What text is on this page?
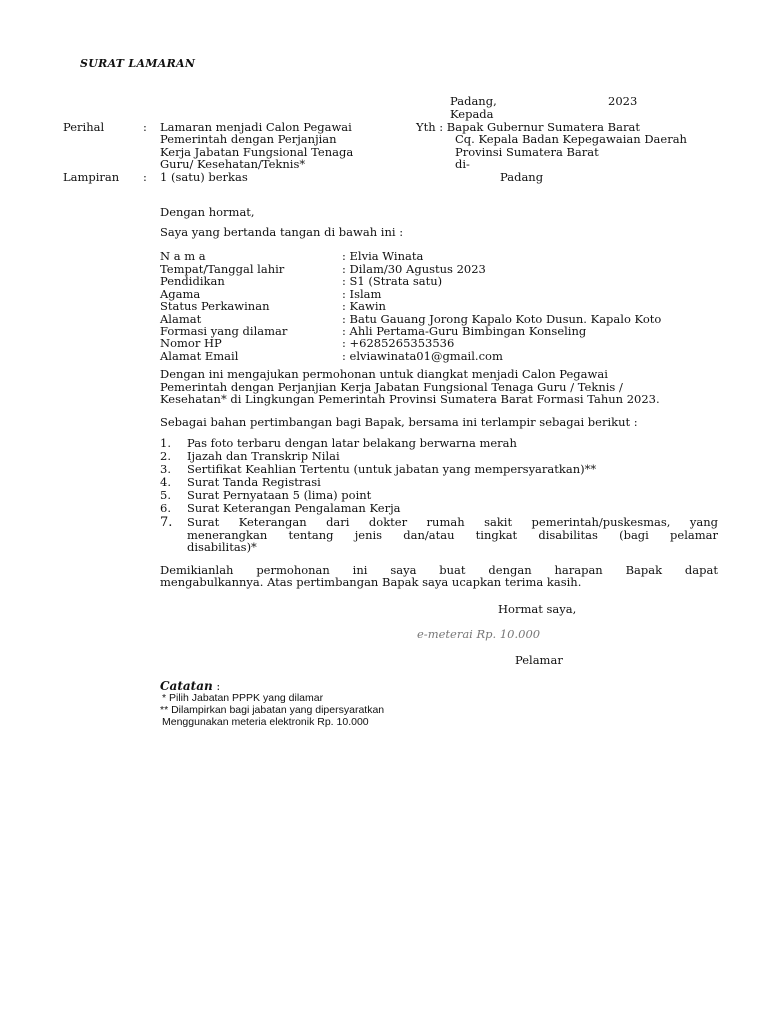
SURAT LAMARAN
Padang,	2023
Kepada
Yth : Bapak Gubernur Sumatera Barat
Cq. Kepala Badan Kepegawaian Daerah
Provinsi Sumatera Barat
di-
Padang
Perihal	: Lamaran menjadi Calon Pegawai
Pemerintah dengan Perjanjian
Kerja Jabatan Fungsional Tenaga
Guru/ Kesehatan/Teknis*
Lampiran : 1 (satu) berkas
Dengan hormat,
Saya yang bertanda tangan di bawah ini :
N a m a	: Elvia Winata
Tempat/Tanggal lahir	: Dilam/30 Agustus 2023
Pendidikan	: S1 (Strata satu)
Agama	: Islam
Status Perkawinan	: Kawin
Alamat	: Batu Gauang Jorong Kapalo Koto Dusun. Kapalo Koto
Formasi yang dilamar	: Ahli Pertama-Guru Bimbingan Konseling
Nomor HP	: +6285265353536
Alamat Email	: elviawinata01@gmail.com
Dengan ini mengajukan permohonan untuk diangkat menjadi Calon Pegawai
Pemerintah dengan Perjanjian Kerja Jabatan Fungsional Tenaga Guru / Teknis /
Kesehatan* di Lingkungan Pemerintah Provinsi Sumatera Barat Formasi Tahun 2023.
Sebagai bahan pertimbangan bagi Bapak, bersama ini terlampir sebagai berikut :
1. Pas foto terbaru dengan latar belakang berwarna merah
2. Ijazah dan Transkrip Nilai
3. Sertifikat Keahlian Tertentu (untuk jabatan yang mempersyaratkan)**
4. Surat Tanda Registrasi
5. Surat Pernyataan 5 (lima) point
6. Surat Keterangan Pengalaman Kerja
7. Surat Keterangan dari dokter rumah sakit pemerintah/puskesmas, yang
menerangkan tentang jenis dan/atau tingkat disabilitas (bagi pelamar
disabilitas)*
Demikianlah permohonan ini saya buat dengan harapan Bapak dapat
mengabulkannya. Atas pertimbangan Bapak saya ucapkan terima kasih.
Hormat saya,
e-meterai Rp. 10.000
Pelamar
Catatan :
* Pilih Jabatan PPPK yang dilamar
** Dilampirkan bagi jabatan yang dipersyaratkan
Menggunakan meteria elektronik Rp. 10.000
